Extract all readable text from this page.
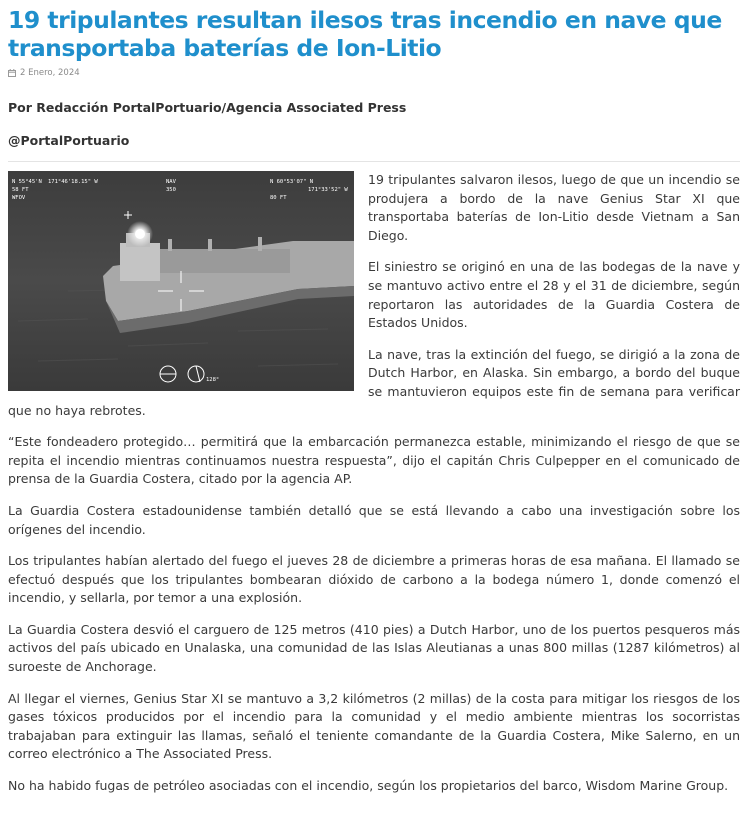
19 tripulantes resultan ilesos tras incendio en nave que transportaba baterías de Ion-Litio
2 Enero, 2024

Por Redacción PortalPortuario/Agencia Associated Press

@PortalPortuario

N 55°45'N 171°46'18.15" W
58 FT
N 60°53'07" N
171°33'52" W
WFOV
NAV
350
80 FT
128°

19 tripulantes salvaron ilesos, luego de que un incendio se produjera a bordo de la nave Genius Star XI que transportaba baterías de Ion-Litio desde Vietnam a San Diego.

El siniestro se originó en una de las bodegas de la nave y se mantuvo activo entre el 28 y el 31 de diciembre, según reportaron las autoridades de la Guardia Costera de Estados Unidos.

La nave, tras la extinción del fuego, se dirigió a la zona de Dutch Harbor, en Alaska. Sin embargo, a bordo del buque se mantuvieron equipos este fin de semana para verificar que no haya rebrotes.

“Este fondeadero protegido… permitirá que la embarcación permanezca estable, minimizando el riesgo de que se repita el incendio mientras continuamos nuestra respuesta”, dijo el capitán Chris Culpepper en el comunicado de prensa de la Guardia Costera, citado por la agencia AP.

La Guardia Costera estadounidense también detalló que se está llevando a cabo una investigación sobre los orígenes del incendio.

Los tripulantes habían alertado del fuego el jueves 28 de diciembre a primeras horas de esa mañana. El llamado se efectuó después que los tripulantes bombearan dióxido de carbono a la bodega número 1, donde comenzó el incendio, y sellarla, por temor a una explosión.

La Guardia Costera desvió el carguero de 125 metros (410 pies) a Dutch Harbor, uno de los puertos pesqueros más activos del país ubicado en Unalaska, una comunidad de las Islas Aleutianas a unas 800 millas (1287 kilómetros) al suroeste de Anchorage.

Al llegar el viernes, Genius Star XI se mantuvo a 3,2 kilómetros (2 millas) de la costa para mitigar los riesgos de los gases tóxicos producidos por el incendio para la comunidad y el medio ambiente mientras los socorristas trabajaban para extinguir las llamas, señaló el teniente comandante de la Guardia Costera, Mike Salerno, en un correo electrónico a The Associated Press.

No ha habido fugas de petróleo asociadas con el incendio, según los propietarios del barco, Wisdom Marine Group.
